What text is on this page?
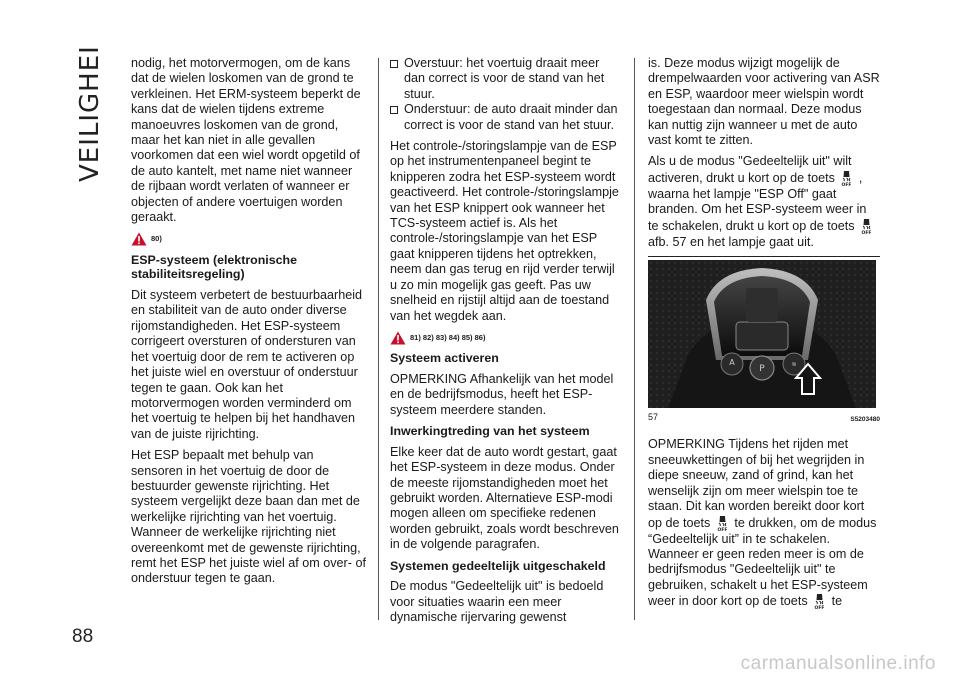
VEILIGHEID
88

nodig, het motorvermogen, om de kans dat de wielen loskomen van de grond te verkleinen. Het ERM-systeem beperkt de kans dat de wielen tijdens extreme manoeuvres loskomen van de grond, maar het kan niet in alle gevallen voorkomen dat een wiel wordt opgetild of de auto kantelt, met name niet wanneer de rijbaan wordt verlaten of wanneer er objecten of andere voertuigen worden geraakt.

80)
ESP-systeem (elektronische stabiliteitsregeling)

Dit systeem verbetert de bestuurbaarheid en stabiliteit van de auto onder diverse rijomstandigheden. Het ESP-systeem corrigeert oversturen of ondersturen van het voertuig door de rem te activeren op het juiste wiel en overstuur of onderstuur tegen te gaan. Ook kan het motorvermogen worden verminderd om het voertuig te helpen bij het handhaven van de juiste rijrichting.

Het ESP bepaalt met behulp van sensoren in het voertuig de door de bestuurder gewenste rijrichting. Het systeem vergelijkt deze baan dan met de werkelijke rijrichting van het voertuig. Wanneer de werkelijke rijrichting niet overeenkomt met de gewenste rijrichting, remt het ESP het juiste wiel af om over- of onderstuur tegen te gaan.

Overstuur: het voertuig draait meer dan correct is voor de stand van het stuur.
Onderstuur: de auto draait minder dan correct is voor de stand van het stuur.

Het controle-/storingslampje van de ESP op het instrumentenpaneel begint te knipperen zodra het ESP-systeem wordt geactiveerd. Het controle-/storingslampje van het ESP knippert ook wanneer het TCS-systeem actief is. Als het controle-/storingslampje van het ESP gaat knipperen tijdens het optrekken, neem dan gas terug en rijd verder terwijl u zo min mogelijk gas geeft. Pas uw snelheid en rijstijl altijd aan de toestand van het wegdek aan.

81) 82) 83) 84) 85) 86)
Systeem activeren

OPMERKING Afhankelijk van het model en de bedrijfsmodus, heeft het ESP-systeem meerdere standen.

Inwerkingtreding van het systeem

Elke keer dat de auto wordt gestart, gaat het ESP-systeem in deze modus. Onder de meeste rijomstandigheden moet het gebruikt worden. Alternatieve ESP-modi mogen alleen om specifieke redenen worden gebruikt, zoals wordt beschreven in de volgende paragrafen.

Systemen gedeeltelijk uitgeschakeld

De modus "Gedeeltelijk uit" is bedoeld voor situaties waarin een meer dynamische rijervaring gewenst

is. Deze modus wijzigt mogelijk de drempelwaarden voor activering van ASR en ESP, waardoor meer wielspin wordt toegestaan dan normaal. Deze modus kan nuttig zijn wanneer u met de auto vast komt te zitten.

Als u de modus "Gedeeltelijk uit" wilt activeren, drukt u kort op de toets
OFF
, waarna het lampje "ESP Off" gaat branden. Om het ESP-systeem weer in te schakelen, drukt u kort op de toets
OFF
afb. 57 en het lampje gaat uit.

A
P	≋
57	S5203480

OPMERKING Tijdens het rijden met sneeuwkettingen of bij het wegrijden in diepe sneeuw, zand of grind, kan het wenselijk zijn om meer wielspin toe te staan. Dit kan worden bereikt door kort op de toets
OFF
te drukken, om de modus “Gedeeltelijk uit” in te schakelen. Wanneer er geen reden meer is om de bedrijfsmodus "Gedeeltelijk uit" te gebruiken, schakelt u het ESP-systeem weer in door kort op de toets
OFF
te

carmanualsonline.info
